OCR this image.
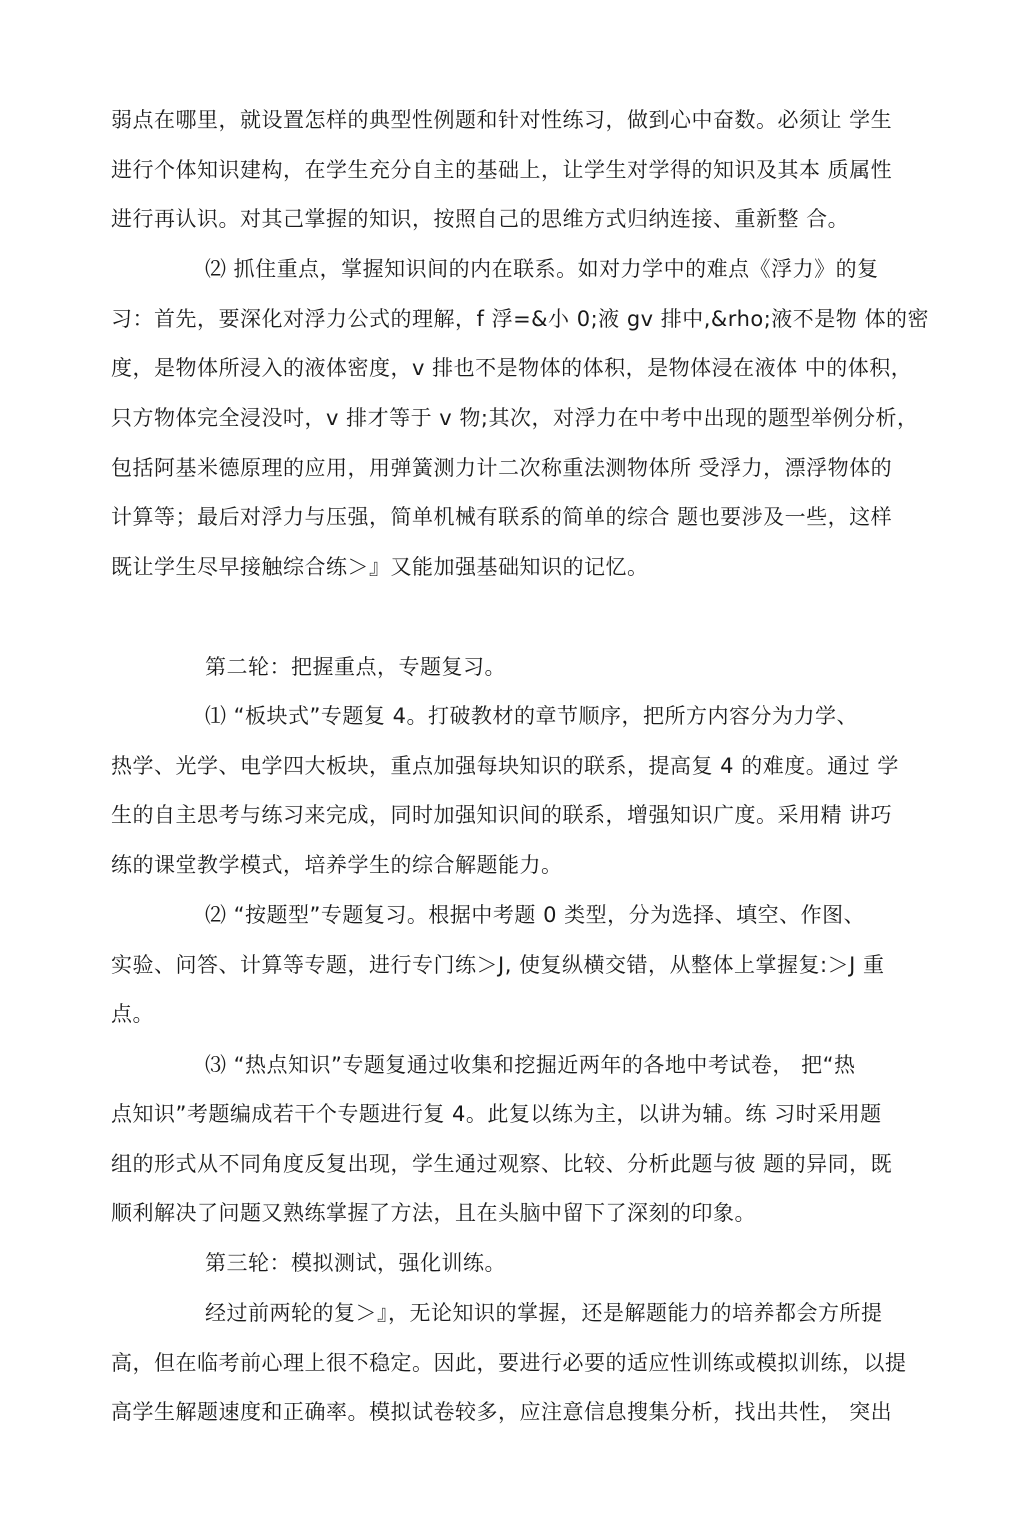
弱点在哪里，就设置怎样的典型性例题和针对性练习，做到心中奋数。必须让 学生
进行个体知识建构，在学生充分自主的基础上，让学生对学得的知识及其本 质属性
进行再认识。对其己掌握的知识，按照自己的思维方式归纳连接、重新整 合。
⑵ 抓住重点，掌握知识间的内在联系。如对力学中的难点《浮力》的复
习：首先，要深化对浮力公式的理解，f 浮=&小 0;液 gv 排中,&rho;液不是物 体的密
度，是物体所浸入的液体密度，v 排也不是物体的体积，是物体浸在液体 中的体积，
只方物体完全浸没吋，v 排才等于 v 物;其次，对浮力在中考中出现的题型举例分析，
包括阿基米德原理的应用，用弹簧测力计二次称重法测物体所 受浮力，漂浮物体的
计算等；最后对浮力与压强，简单机械有联系的简单的综合 题也要涉及一些，这样
既让学生尽早接触综合练＞』又能加强基础知识的记忆。
第二轮：把握重点，专题复习。
⑴ “板块式”专题复 4。打破教材的章节顺序，把所方内容分为力学、
热学、光学、电学四大板块，重点加强每块知识的联系，提高复 4 的难度。通过 学
生的自主思考与练习来完成，同时加强知识间的联系，增强知识广度。采用精 讲巧
练的课堂教学模式，培养学生的综合解题能力。
⑵ “按题型”专题复习。根据中考题 0 类型，分为选择、填空、作图、
实验、问答、计算等专题，进行专门练＞J, 使复纵横交错，从整体上掌握复:＞J 重
点。
⑶ “热点知识”专题复通过收集和挖掘近两年的各地中考试卷， 把“热
点知识”考题编成若干个专题进行复 4。此复以练为主，以讲为辅。练 习时采用题
组的形式从不同角度反复出现，学生通过观察、比较、分析此题与彼 题的异同，既
顺利解决了问题又熟练掌握了方法，且在头脑中留下了深刻的印象。
第三轮：模拟测试，强化训练。
经过前两轮的复＞』，无论知识的掌握，还是解题能力的培养都会方所提
高，但在临考前心理上很不稳定。因此，要进行必要的适应性训练或模拟训练，以提
高学生解题速度和正确率。模拟试卷较多，应注意信息搜集分析，找出共性， 突出
